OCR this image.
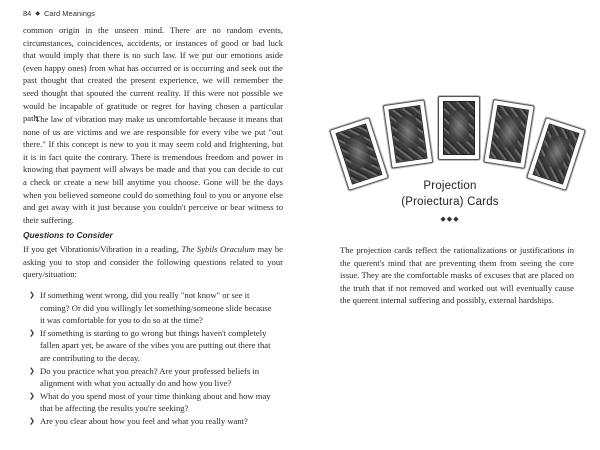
84 ◆ Card Meanings

common origin in the unseen mind. There are no random events, circumstances, coincidences, accidents, or instances of good or bad luck that would imply that there is no such law. If we put our emotions aside (even happy ones) from what has occurred or is occurring and seek out the past thought that created the present experience, we will remember the seed thought that spouted the current reality. If this were not possible we would be incapable of gratitude or regret for having chosen a particular path.

The law of vibration may make us uncomfortable because it means that none of us are victims and we are responsible for every vibe we put "out there." If this concept is new to you it may seem cold and frightening, but it is in fact quite the contrary. There is tremendous freedom and power in knowing that payment will always be made and that you can decide to cut a check or create a new bill anytime you choose. Gone will be the days when you believed someone could do something foul to you or anyone else and get away with it just because you couldn't perceive or bear witness to their suffering.

Questions to Consider

If you get Vibrationis/Vibration in a reading, The Sybils Oraculum may be asking you to stop and consider the following questions related to your query/situation:

❯ If something went wrong, did you really "not know" or see it coming? Or did you willingly let something/someone slide because it was comfortable for you to do so at the time?
❯ If something is starting to go wrong but things haven't completely fallen apart yet, be aware of the vibes you are putting out there that are contributing to the decay.
❯ Do you practice what you preach? Are your professed beliefs in alignment with what you actually do and how you live?
❯ What do you spend most of your time thinking about and how may that be affecting the results you're seeking?
❯ Are you clear about how you feel and what you really want?
Projection
(Proiectura) Cards
◆◆◆
The projection cards reflect the rationalizations or justifications in the querent's mind that are preventing them from seeing the core issue. They are the comfortable masks of excuses that are placed on the truth that if not removed and worked out will eventually cause the querent internal suffering and possibly, external hardships.
